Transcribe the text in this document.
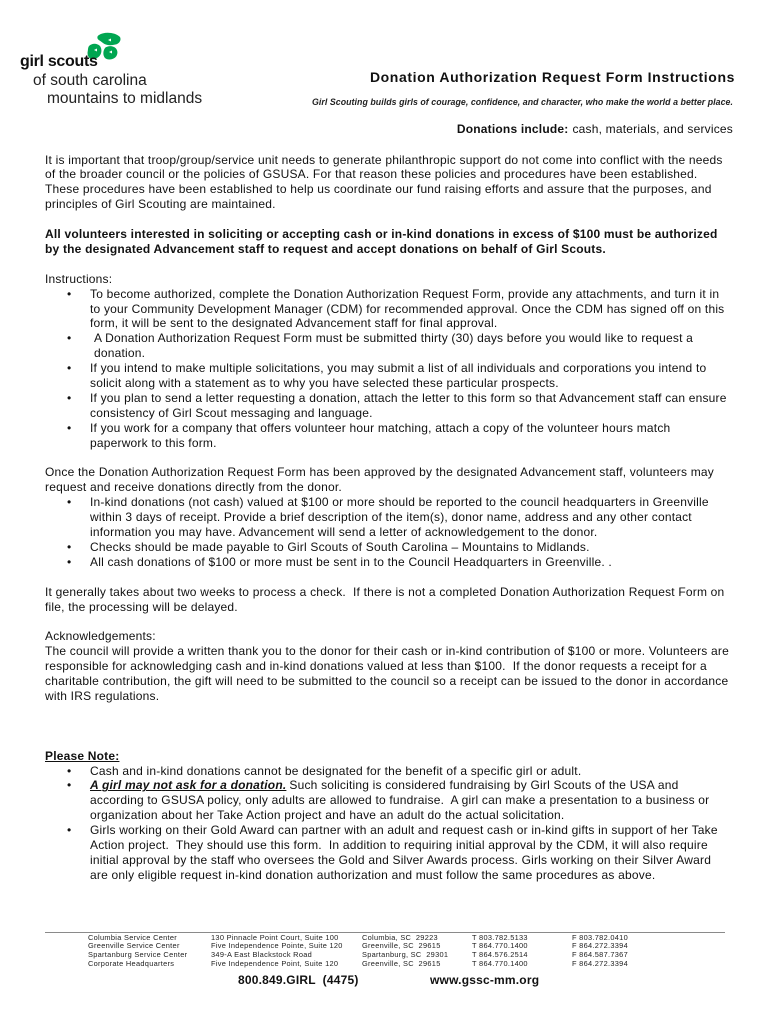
girl scouts
of south carolina
mountains to midlands
Donation Authorization Request Form Instructions
Girl Scouting builds girls of courage, confidence, and character, who make the world a better place.
Donations include: cash, materials, and services

It is important that troop/group/service unit needs to generate philanthropic support do not come into conflict with the needs of the broader council or the policies of GSUSA. For that reason these policies and procedures have been established. These procedures have been established to help us coordinate our fund raising efforts and assure that the purposes, and principles of Girl Scouting are maintained.

All volunteers interested in soliciting or accepting cash or in-kind donations in excess of $100 must be authorized by the designated Advancement staff to request and accept donations on behalf of Girl Scouts.

Instructions:

• To become authorized, complete the Donation Authorization Request Form, provide any attachments, and turn it in to your Community Development Manager (CDM) for recommended approval. Once the CDM has signed off on this form, it will be sent to the designated Advancement staff for final approval.
• A Donation Authorization Request Form must be submitted thirty (30) days before you would like to request a donation.
• If you intend to make multiple solicitations, you may submit a list of all individuals and corporations you intend to solicit along with a statement as to why you have selected these particular prospects.
• If you plan to send a letter requesting a donation, attach the letter to this form so that Advancement staff can ensure consistency of Girl Scout messaging and language.
• If you work for a company that offers volunteer hour matching, attach a copy of the volunteer hours match paperwork to this form.

Once the Donation Authorization Request Form has been approved by the designated Advancement staff, volunteers may request and receive donations directly from the donor.

• In-kind donations (not cash) valued at $100 or more should be reported to the council headquarters in Greenville within 3 days of receipt. Provide a brief description of the item(s), donor name, address and any other contact information you may have. Advancement will send a letter of acknowledgement to the donor.
• Checks should be made payable to Girl Scouts of South Carolina – Mountains to Midlands.
• All cash donations of $100 or more must be sent in to the Council Headquarters in Greenville. .

It generally takes about two weeks to process a check.  If there is not a completed Donation Authorization Request Form on file, the processing will be delayed.

Acknowledgements:

The council will provide a written thank you to the donor for their cash or in-kind contribution of $100 or more. Volunteers are responsible for acknowledging cash and in-kind donations valued at less than $100.  If the donor requests a receipt for a charitable contribution, the gift will need to be submitted to the council so a receipt can be issued to the donor in accordance with IRS regulations.

Please Note:

• Cash and in-kind donations cannot be designated for the benefit of a specific girl or adult.
• A girl may not ask for a donation. Such soliciting is considered fundraising by Girl Scouts of the USA and according to GSUSA policy, only adults are allowed to fundraise.  A girl can make a presentation to a business or organization about her Take Action project and have an adult do the actual solicitation.
• Girls working on their Gold Award can partner with an adult and request cash or in-kind gifts in support of her Take Action project.  They should use this form.  In addition to requiring initial approval by the CDM, it will also require initial approval by the staff who oversees the Gold and Silver Awards process. Girls working on their Silver Award are only eligible request in-kind donation authorization and must follow the same procedures as above.
Columbia Service Center	130 Pinnacle Point Court, Suite 100	Columbia, SC  29223	T 803.782.5133	F 803.782.0410
Greenville Service Center	Five Independence Pointe, Suite 120	Greenville, SC  29615	T 864.770.1400	F 864.272.3394
Spartanburg Service Center	349-A East Blackstock Road	Spartanburg, SC  29301	T 864.576.2514	F 864.587.7367
Corporate Headquarters	Five Independence Point, Suite 120	Greenville, SC  29615	T 864.770.1400	F 864.272.3394
800.849.GIRL  (4475)	www.gssc-mm.org
